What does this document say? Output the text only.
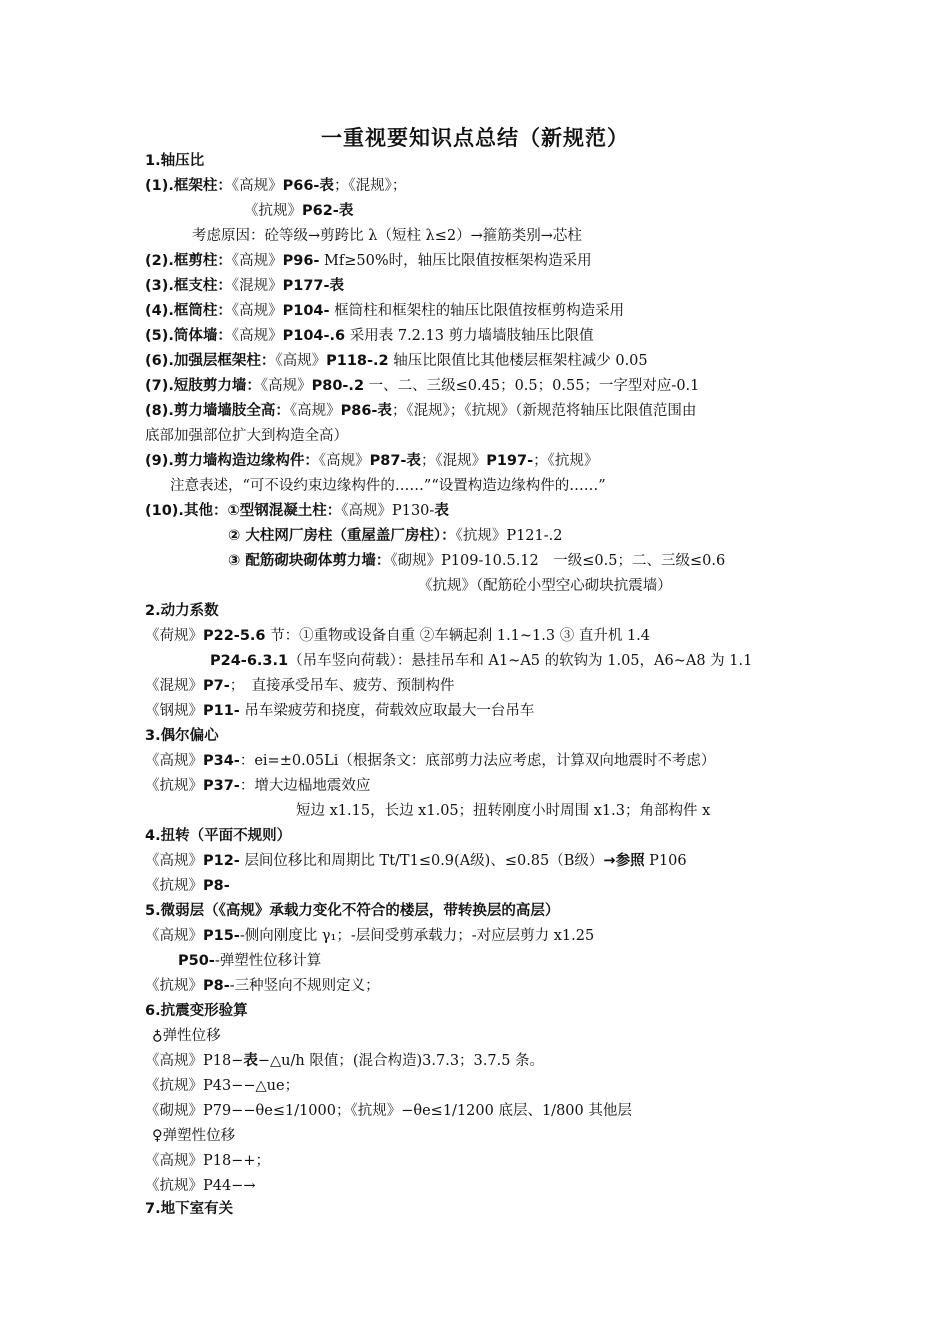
一重视要知识点总结（新规范）
1.轴压比
(1).框架柱：《高规》P66-表；《混规》；
《抗规》P62-表
考虑原因：砼等级→剪跨比 λ（短柱 λ≤2）→箍筋类别→芯柱
(2).框剪柱：《高规》P96- Mf≥50%时，轴压比限值按框架构造采用
(3).框支柱：《混规》P177-表
(4).框筒柱：《高规》P104- 框筒柱和框架柱的轴压比限值按框剪构造采用
(5).筒体墙：《高规》P104-.6 采用表 7.2.13 剪力墙墙肢轴压比限值
(6).加强层框架柱：《高规》P118-.2 轴压比限值比其他楼层框架柱减少 0.05
(7).短肢剪力墙：《高规》P80-.2 一、二、三级≤0.45；0.5；0.55；一字型对应-0.1
(8).剪力墙墙肢全高：《高规》P86-表；《混规》；《抗规》（新规范将轴压比限值范围由
底部加强部位扩大到构造全高）
(9).剪力墙构造边缘构件：《高规》P87-表；《混规》P197-；《抗规》
注意表述，“可不设约束边缘构件的……”“设置构造边缘构件的……”
(10).其他：①型钢混凝土柱：《高规》P130-表
② 大柱网厂房柱（重屋盖厂房柱）：《抗规》P121-.2
③ 配筋砌块砌体剪力墙：《砌规》P109-10.5.12　一级≤0.5；二、三级≤0.6
《抗规》（配筋砼小型空心砌块抗震墙）
2.动力系数
《荷规》P22-5.6 节：①重物或设备自重 ②车辆起刹 1.1~1.3 ③ 直升机 1.4
P24-6.3.1（吊车竖向荷载）：悬挂吊车和 A1~A5 的软钩为 1.05，A6~A8 为 1.1
《混规》P7-；　直接承受吊车、疲劳、预制构件
《钢规》P11- 吊车梁疲劳和挠度，荷载效应取最大一台吊车
3.偶尔偏心
《高规》P34-：ei=±0.05Li（根据条文：底部剪力法应考虑，计算双向地震时不考虑）
《抗规》P37-：增大边榀地震效应
短边 x1.15，长边 x1.05；扭转刚度小时周围 x1.3；角部构件 x
4.扭转（平面不规则）
《高规》P12- 层间位移比和周期比 Tt/T1≤0.9(A级)、≤0.85（B级）→参照 P106
《抗规》P8-
5.微弱层（《高规》承载力变化不符合的楼层，带转换层的高层）
《高规》P15--侧向刚度比 γ₁；-层间受剪承载力；-对应层剪力 x1.25
P50--弹塑性位移计算
《抗规》P8--三种竖向不规则定义；
6.抗震变形验算
♁弹性位移
《高规》P18−表−△u/h 限值；(混合构造)3.7.3；3.7.5 条。
《抗规》P43−−△ue；
《砌规》P79−−θe≤1/1000；《抗规》−θe≤1/1200 底层、1/800 其他层
♀弹塑性位移
《高规》P18−+；
《抗规》P44−→
7.地下室有关
